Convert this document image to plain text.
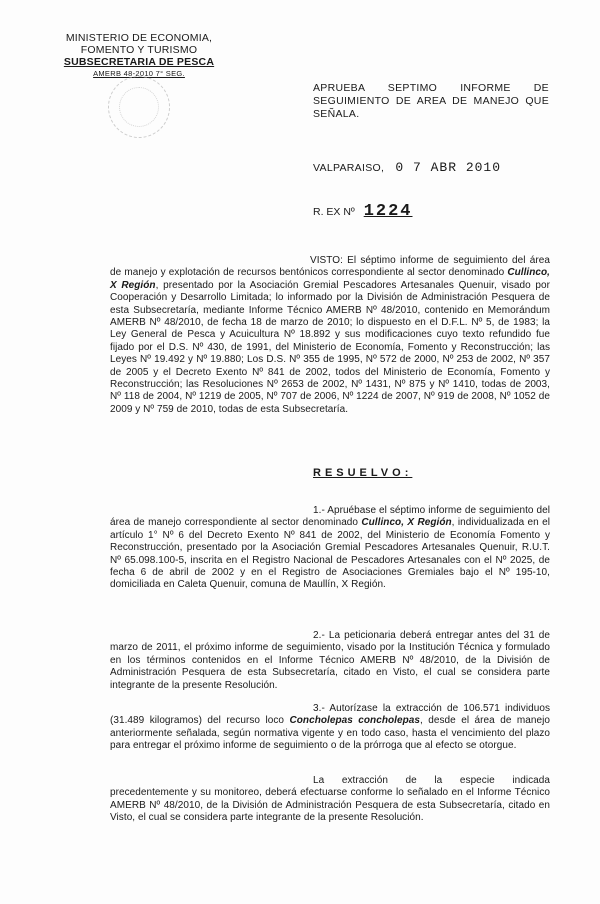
MINISTERIO DE ECONOMIA,
FOMENTO Y TURISMO
SUBSECRETARIA DE PESCA
AMERB 48-2010 7° SEG.
APRUEBA SEPTIMO INFORME DE SEGUIMIENTO DE AREA DE MANEJO QUE SEÑALA.
VALPARAISO, 0 7 ABR 2010
R. EX Nº 1224

VISTO: El séptimo informe de seguimiento del área de manejo y explotación de recursos bentónicos correspondiente al sector denominado Cullinco, X Región, presentado por la Asociación Gremial Pescadores Artesanales Quenuir, visado por Cooperación y Desarrollo Limitada; lo informado por la División de Administración Pesquera de esta Subsecretaría, mediante Informe Técnico AMERB Nº 48/2010, contenido en Memorándum AMERB Nº 48/2010, de fecha 18 de marzo de 2010; lo dispuesto en el D.F.L. Nº 5, de 1983; la Ley General de Pesca y Acuicultura Nº 18.892 y sus modificaciones cuyo texto refundido fue fijado por el D.S. Nº 430, de 1991, del Ministerio de Economía, Fomento y Reconstrucción; las Leyes Nº 19.492 y Nº 19.880; Los D.S. Nº 355 de 1995, Nº 572 de 2000, Nº 253 de 2002, Nº 357 de 2005 y el Decreto Exento Nº 841 de 2002, todos del Ministerio de Economía, Fomento y Reconstrucción; las Resoluciones Nº 2653 de 2002, Nº 1431, Nº 875 y Nº 1410, todas de 2003, Nº 118 de 2004, Nº 1219 de 2005, Nº 707 de 2006, Nº 1224 de 2007, Nº 919 de 2008, Nº 1052 de 2009 y Nº 759 de 2010, todas de esta Subsecretaría.

RESUELVO:

1.- Apruébase el séptimo informe de seguimiento del área de manejo correspondiente al sector denominado Cullinco, X Región, individualizada en el artículo 1° Nº 6 del Decreto Exento Nº 841 de 2002, del Ministerio de Economía Fomento y Reconstrucción, presentado por la Asociación Gremial Pescadores Artesanales Quenuir, R.U.T. Nº 65.098.100-5, inscrita en el Registro Nacional de Pescadores Artesanales con el Nº 2025, de fecha 6 de abril de 2002 y en el Registro de Asociaciones Gremiales bajo el Nº 195-10, domiciliada en Caleta Quenuir, comuna de Maullín, X Región.

2.- La peticionaria deberá entregar antes del 31 de marzo de 2011, el próximo informe de seguimiento, visado por la Institución Técnica y formulado en los términos contenidos en el Informe Técnico AMERB Nº 48/2010, de la División de Administración Pesquera de esta Subsecretaría, citado en Visto, el cual se considera parte integrante de la presente Resolución.

3.- Autorízase la extracción de 106.571 individuos (31.489 kilogramos) del recurso loco Concholepas concholepas, desde el área de manejo anteriormente señalada, según normativa vigente y en todo caso, hasta el vencimiento del plazo para entregar el próximo informe de seguimiento o de la prórroga que al efecto se otorgue.

La extracción de la especie indicada precedentemente y su monitoreo, deberá efectuarse conforme lo señalado en el Informe Técnico AMERB Nº 48/2010, de la División de Administración Pesquera de esta Subsecretaría, citado en Visto, el cual se considera parte integrante de la presente Resolución.
